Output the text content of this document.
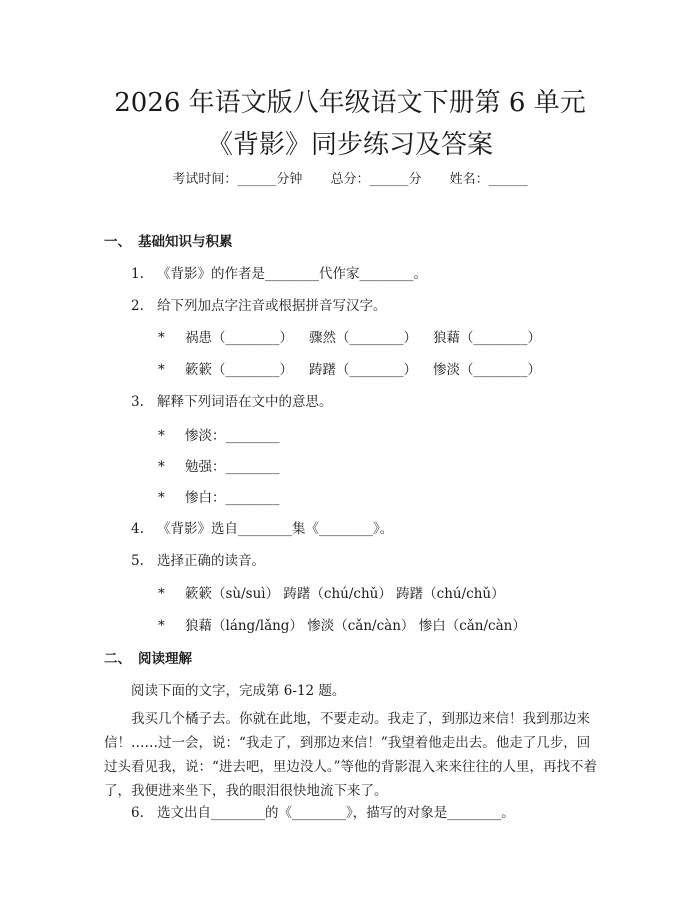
2026 年语文版八年级语文下册第 6 单元《背影》同步练习及答案
考试时间：______分钟 总分：______分 姓名：______
一、 基础知识与积累
1. 《背影》的作者是________代作家________。
2. 给下列加点字注音或根据拼音写汉字。
* 祸患（________） 骤然（________） 狼藉（________）
* 簌簌（________） 踌躇（________） 惨淡（________）
3. 解释下列词语在文中的意思。
* 惨淡：________
* 勉强：________
* 惨白：________
4. 《背影》选自________集《________》。
5. 选择正确的读音。
* 簌簌（sù/suì） 踌躇（chú/chǔ） 踌躇（chú/chǔ）
* 狼藉（láng/lǎng） 惨淡（cǎn/càn） 惨白（cǎn/càn）
二、 阅读理解

阅读下面的文字，完成第 6-12 题。

我买几个橘子去。你就在此地，不要走动。我走了，到那边来信！我到那边来信！……过一会，说：“我走了，到那边来信！”我望着他走出去。他走了几步，回过头看见我，说：“进去吧，里边没人。”等他的背影混入来来往往的人里，再找不着了，我便进来坐下，我的眼泪很快地流下来了。

6. 选文出自________的《________》，描写的对象是________。
